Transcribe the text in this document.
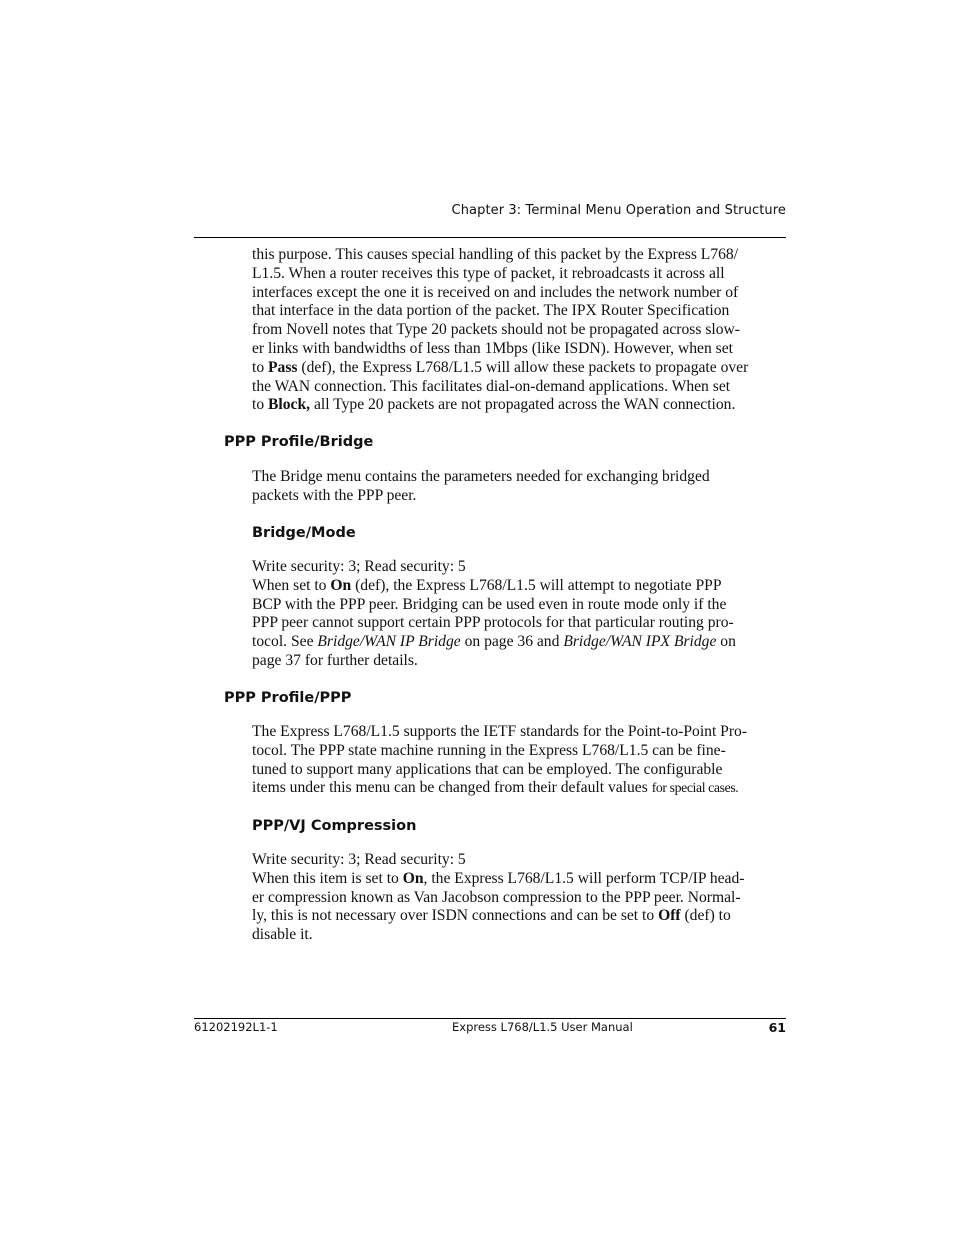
Chapter 3: Terminal Menu Operation and Structure

this purpose. This causes special handling of this packet by the Express L768/

L1.5. When a router receives this type of packet, it rebroadcasts it across all

interfaces except the one it is received on and includes the network number of

that interface in the data portion of the packet. The IPX Router Specification

from Novell notes that Type 20 packets should not be propagated across slow-

er links with bandwidths of less than 1Mbps (like ISDN). However, when set

to Pass (def), the Express L768/L1.5 will allow these packets to propagate over

the WAN connection. This facilitates dial-on-demand applications. When set

to Block, all Type 20 packets are not propagated across the WAN connection.

PPP Profile/Bridge

The Bridge menu contains the parameters needed for exchanging bridged

packets with the PPP peer.

Bridge/Mode

Write security: 3; Read security: 5

When set to On (def), the Express L768/L1.5 will attempt to negotiate PPP

BCP with the PPP peer. Bridging can be used even in route mode only if the

PPP peer cannot support certain PPP protocols for that particular routing pro-

tocol. See Bridge/WAN IP Bridge on page 36 and Bridge/WAN IPX Bridge on

page 37 for further details.

PPP Profile/PPP

The Express L768/L1.5 supports the IETF standards for the Point-to-Point Pro-

tocol. The PPP state machine running in the Express L768/L1.5 can be fine-

tuned to support many applications that can be employed. The configurable

items under this menu can be changed from their default values for special cases.

PPP/VJ Compression

Write security: 3; Read security: 5

When this item is set to On, the Express L768/L1.5 will perform TCP/IP head-

er compression known as Van Jacobson compression to the PPP peer. Normal-

ly, this is not necessary over ISDN connections and can be set to Off (def) to

disable it.

61202192L1-1	Express L768/L1.5 User Manual	61
